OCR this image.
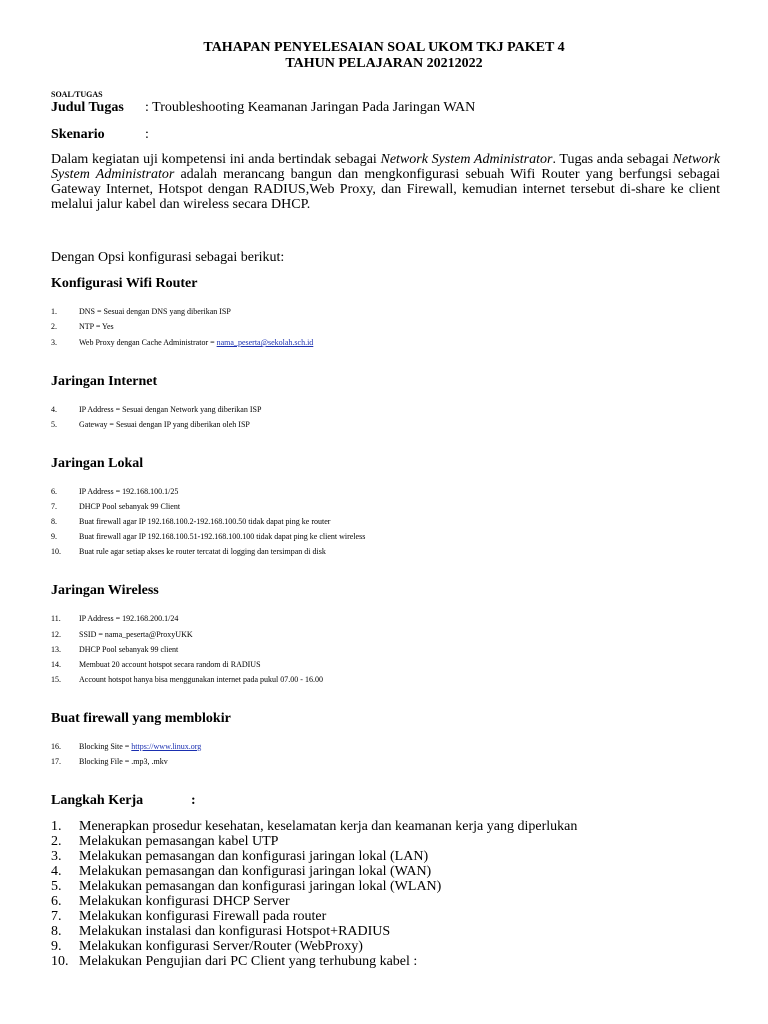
TAHAPAN PENYELESAIAN SOAL UKOM TKJ PAKET 4
TAHUN PELAJARAN 20212022
SOAL/TUGAS
Judul Tugas : Troubleshooting Keamanan Jaringan Pada Jaringan WAN
Skenario	:
Dalam kegiatan uji kompetensi ini anda bertindak sebagai Network System Administrator. Tugas anda sebagai Network System Administrator adalah merancang bangun dan mengkonfigurasi sebuah Wifi Router yang berfungsi sebagai Gateway Internet, Hotspot dengan RADIUS,Web Proxy, dan Firewall, kemudian internet tersebut di-share ke client melalui jalur kabel dan wireless secara DHCP.
Dengan Opsi konfigurasi sebagai berikut:
Konfigurasi Wifi Router
1.	DNS = Sesuai dengan DNS yang diberikan ISP
2.	NTP = Yes
3.	Web Proxy dengan Cache Administrator = nama_peserta@sekolah.sch.id
Jaringan Internet
4.	IP Address = Sesuai dengan Network yang diberikan ISP
5.	Gateway = Sesuai dengan IP yang diberikan oleh ISP
Jaringan Lokal
6.	IP Address = 192.168.100.1/25
7.	DHCP Pool sebanyak 99 Client
8.	Buat firewall agar IP 192.168.100.2-192.168.100.50 tidak dapat ping ke router
9.	Buat firewall agar IP 192.168.100.51-192.168.100.100 tidak dapat ping ke client wireless
10. Buat rule agar setiap akses ke router tercatat di logging dan tersimpan di disk
Jaringan Wireless
11. IP Address = 192.168.200.1/24
12. SSID = nama_peserta@ProxyUKK
13. DHCP Pool sebanyak 99 client
14. Membuat 20 account hotspot secara random di RADIUS
15. Account hotspot hanya bisa menggunakan internet pada pukul 07.00 - 16.00
Buat firewall yang memblokir
16. Blocking Site = https://www.linux.org
17. Blocking File = .mp3, .mkv
Langkah Kerja	:
1. Menerapkan prosedur kesehatan, keselamatan kerja dan keamanan kerja yang diperlukan
2. Melakukan pemasangan kabel UTP
3. Melakukan pemasangan dan konfigurasi jaringan lokal (LAN)
4. Melakukan pemasangan dan konfigurasi jaringan lokal (WAN)
5. Melakukan pemasangan dan konfigurasi jaringan lokal (WLAN)
6. Melakukan konfigurasi DHCP Server
7. Melakukan konfigurasi Firewall pada router
8. Melakukan instalasi dan konfigurasi Hotspot+RADIUS
9. Melakukan konfigurasi Server/Router (WebProxy)
10. Melakukan Pengujian dari PC Client yang terhubung kabel :
